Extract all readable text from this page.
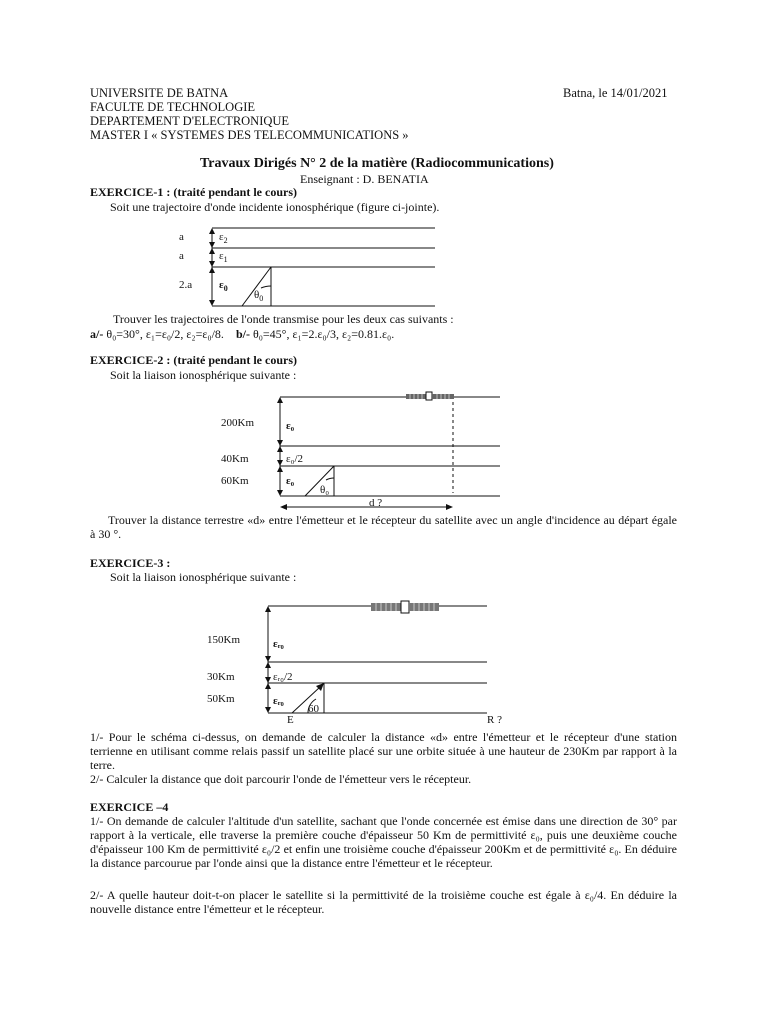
UNIVERSITE DE BATNA
FACULTE DE TECHNOLOGIE
DEPARTEMENT D'ELECTRONIQUE
MASTER I « SYSTEMES DES TELECOMMUNICATIONS »
Batna, le 14/01/2021
Travaux Dirigés N° 2 de la matière (Radiocommunications)
Enseignant : D. BENATIA
EXERCICE-1 : (traité pendant le cours)
Soit une trajectoire d'onde incidente ionosphérique (figure ci-jointe).
a
a
2.a
$\varepsilon_2$
$\varepsilon_1$
$\varepsilon_0$
$\theta_0$
Trouver les trajectoires de l'onde transmise pour les deux cas suivants :
a/- θ₀=30°, ε₁=ε₀/2, ε₂=ε₀/8. b/- θ₀=45°, ε₁=2.ε₀/3, ε₂=0.81.ε₀.
EXERCICE-2 : (traité pendant le cours)
Soit la liaison ionosphérique suivante :
200Km
40Km
60Km
ε₀
ε₀/2
ε₀
θ₀
d ?
Trouver la distance terrestre «d» entre l'émetteur et le récepteur du satellite avec un angle d'incidence au départ égale à 30 °.
EXERCICE-3 :
Soit la liaison ionosphérique suivante :
150Km
30Km
50Km
εᵣ₀
εᵣ₀/2
εᵣ₀
60
E	R ?
1/- Pour le schéma ci-dessus, on demande de calculer la distance «d» entre l'émetteur et le récepteur d'une station terrienne en utilisant comme relais passif un satellite placé sur une orbite située à une hauteur de 230Km par rapport à la terre.
2/- Calculer la distance que doit parcourir l'onde de l'émetteur vers le récepteur.
EXERCICE –4
1/- On demande de calculer l'altitude d'un satellite, sachant que l'onde concernée est émise dans une direction de 30° par rapport à la verticale, elle traverse la première couche d'épaisseur 50 Km de permittivité ε₀, puis une deuxième couche d'épaisseur 100 Km de permittivité ε₀/2 et enfin une troisième couche d'épaisseur 200Km et de permittivité ε₀. En déduire la distance parcourue par l'onde ainsi que la distance entre l'émetteur et le récepteur.
2/- A quelle hauteur doit-t-on placer le satellite si la permittivité de la troisième couche est égale à ε₀/4. En déduire la nouvelle distance entre l'émetteur et le récepteur.
